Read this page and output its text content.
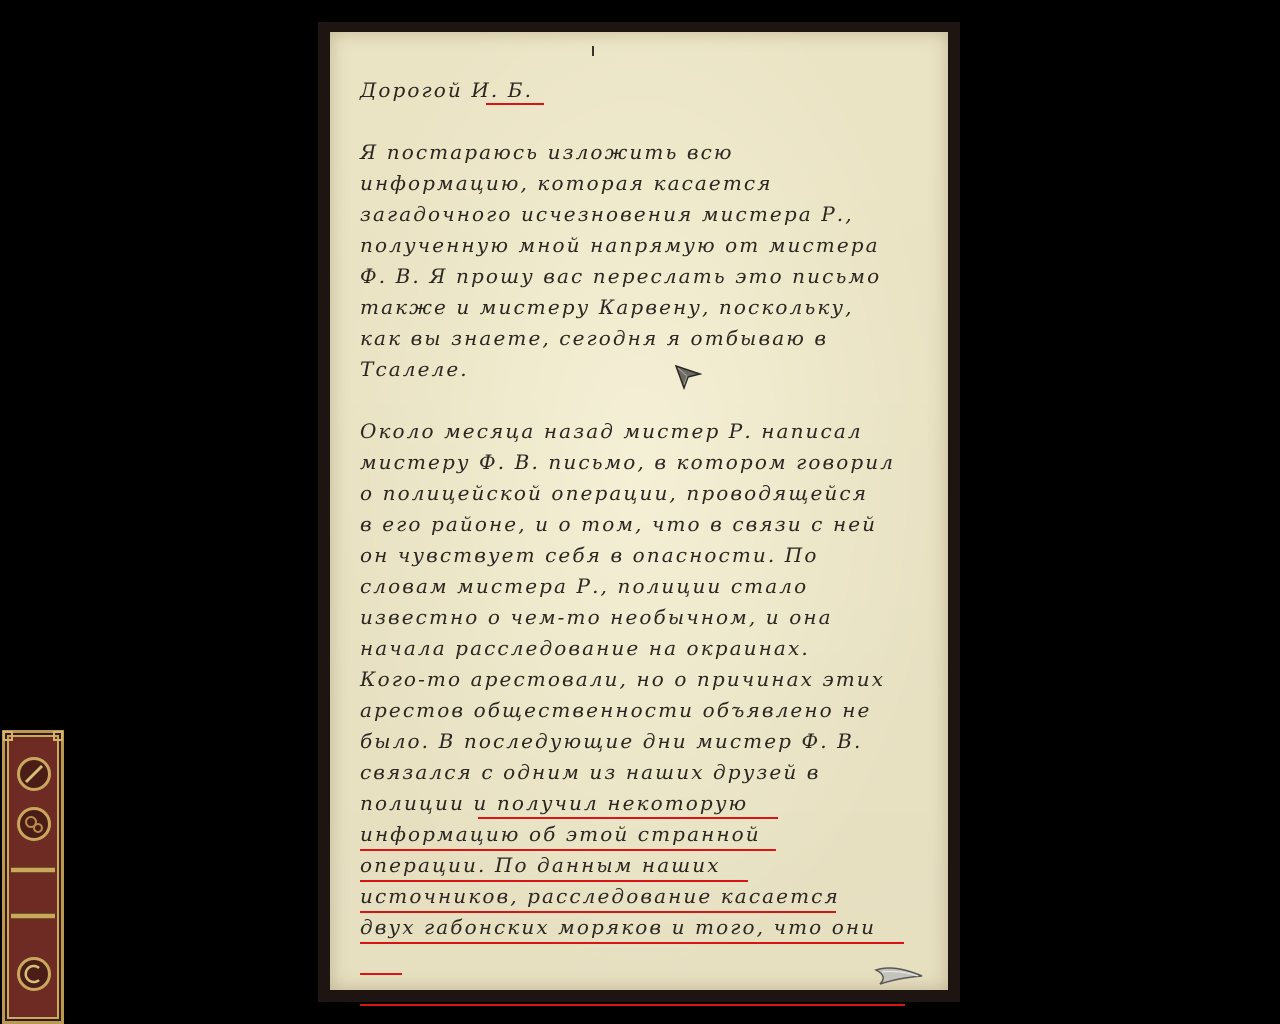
Дорогой И. Б.
Я постараюсь изложить всю
информацию, которая касается
загадочного исчезновения мистера Р.,
полученную мной напрямую от мистера
Ф. В. Я прошу вас переслать это письмо
также и мистеру Карвену, поскольку,
как вы знаете, сегодня я отбываю в
Тсалеле.
Около месяца назад мистер Р. написал
мистеру Ф. В. письмо, в котором говорил
о полицейской операции, проводящейся
в его районе, и о том, что в связи с ней
он чувствует себя в опасности. По
словам мистера Р., полиции стало
известно о чем-то необычном, и она
начала расследование на окраинах.
Кого-то арестовали, но о причинах этих
арестов общественности объявлено не
было. В последующие дни мистер Ф. В.
связался с одним из наших друзей в
полиции и получил некоторую
информацию об этой странной
операции. По данным наших
источников, расследование касается
двух габонских моряков и того, что они
